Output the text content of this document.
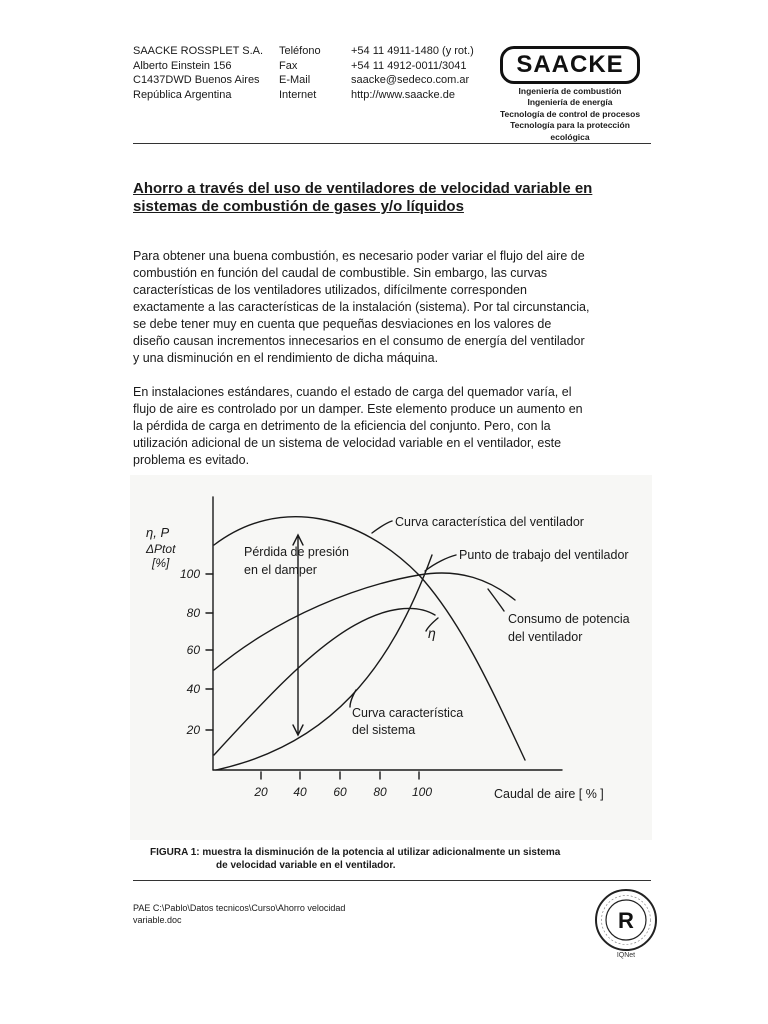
SAACKE ROSSPLET S.A.
Alberto Einstein 156
C1437DWD Buenos Aires
República Argentina
Teléfono
Fax
E-Mail
Internet
+54 11 4911-1480 (y rot.)
+54 11 4912-0011/3041
saacke@sedeco.com.ar
http://www.saacke.de
SAACKE
Ingeniería de combustión
Ingeniería de energía
Tecnología de control de procesos
Tecnología para la protección
ecológica
Ahorro a través del uso de ventiladores de velocidad variable en
sistemas de combustión de gases y/o líquidos
Para obtener una buena combustión, es necesario poder variar el flujo del aire de
combustión en función del caudal de combustible. Sin embargo, las curvas
características de los ventiladores utilizados, difícilmente corresponden
exactamente a las características de la instalación (sistema). Por tal circunstancia,
se debe tener muy en cuenta que pequeñas desviaciones en los valores de
diseño causan incrementos innecesarios en el consumo de energía del ventilador
y una disminución en el rendimiento de dicha máquina.
En instalaciones estándares, cuando el estado de carga del quemador varía, el
flujo de aire es controlado por un damper. Este elemento produce un aumento en
la pérdida de carga en detrimento de la eficiencia del conjunto. Pero, con la
utilización adicional de un sistema de velocidad variable en el ventilador, este
problema es evitado.
η, P
ΔPtot
[%]
100
80
60
40
20
20 40 60 80 100
Curva característica del ventilador
Pérdida de presión
en el damper
Punto de trabajo del ventilador
Consumo de potencia
del ventilador
η
Curva característica
del sistema
Caudal de aire [ % ]
FIGURA 1: muestra la disminución de la potencia al utilizar adicionalmente un sistema
de velocidad variable en el ventilador.
PAE C:\Pablo\Datos tecnicos\Curso\Ahorro velocidad
variable.doc	R
IQNet
